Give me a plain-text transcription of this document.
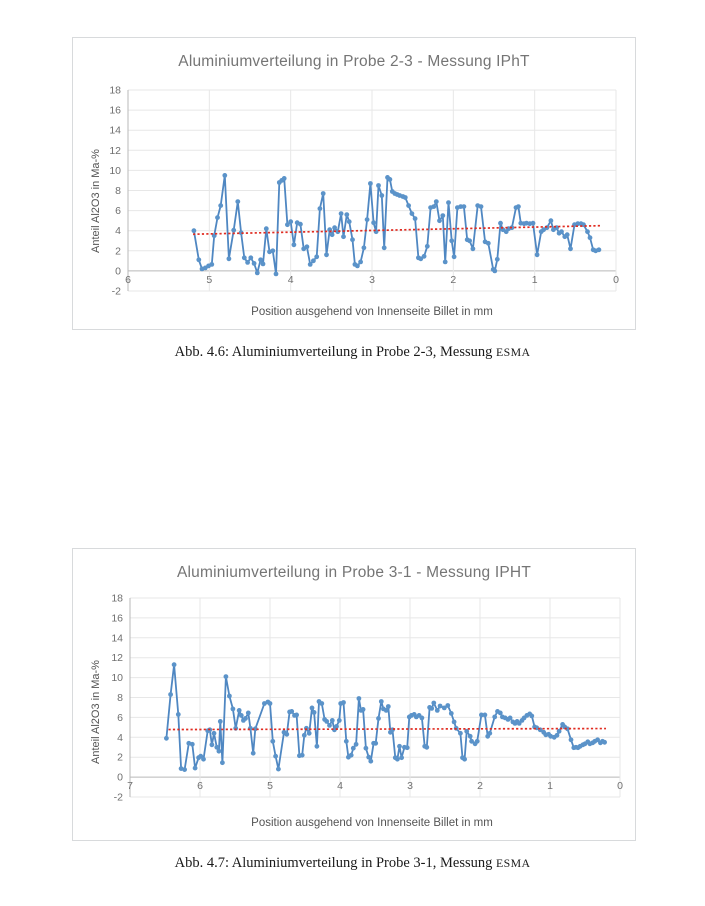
Aluminiumverteilung in Probe 2-3 - Messung IPhT
18
16
14
12
10
8
6
4
2
0
-2
6	5	4	3	2	1	0
Anteil Al2O3 in Ma-%
Position ausgehend von Innenseite Billet in mm
Abb. 4.6: Aluminiumverteilung in Probe 2-3, Messung ESMA
Aluminiumverteilung in Probe 3-1 - Messung IPHT
18
16
14
12
10
8
6
4
2
0
-2
7	6	5	4	3	2	1	0
Anteil Al2O3 in Ma-%
Position ausgehend von Innenseite Billet in mm
Abb. 4.7: Aluminiumverteilung in Probe 3-1, Messung ESMA
